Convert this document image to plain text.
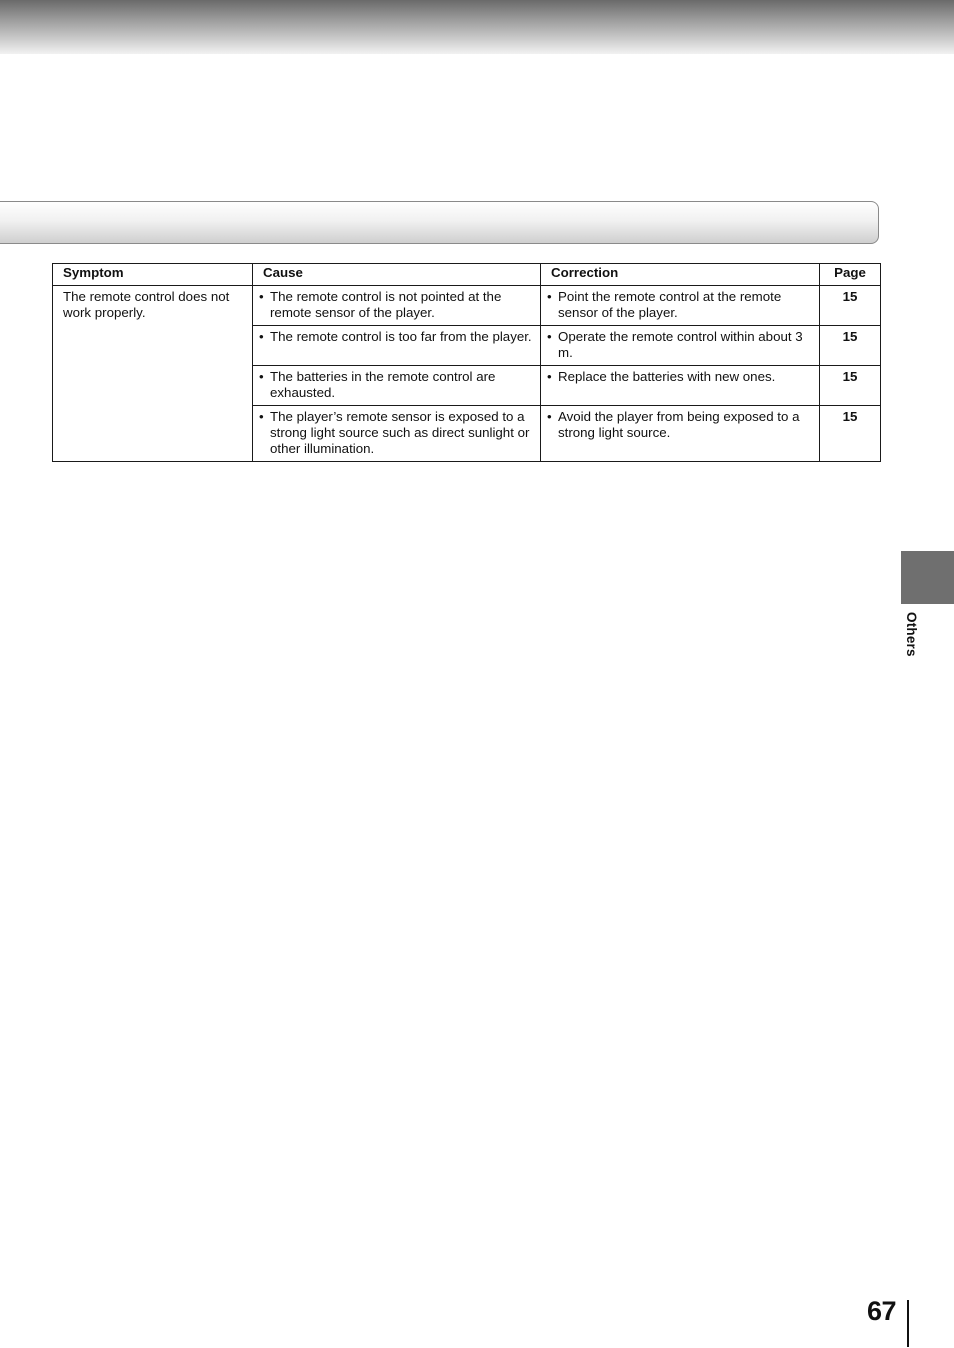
Symptom	Cause	Correction	Page
The remote control does not work properly.	• The remote control is not pointed at the remote sensor of the player.	• Point the remote control at the remote sensor of the player.	15

	• The remote control is too far from the player.	• Operate the remote control within about 3 m.	15

	• The batteries in the remote control are exhausted.	• Replace the batteries with new ones.	15

	• The player’s remote sensor is exposed to a strong light source such as direct sunlight or other illumination.	• Avoid the player from being exposed to a strong light source.	15
Others
67
